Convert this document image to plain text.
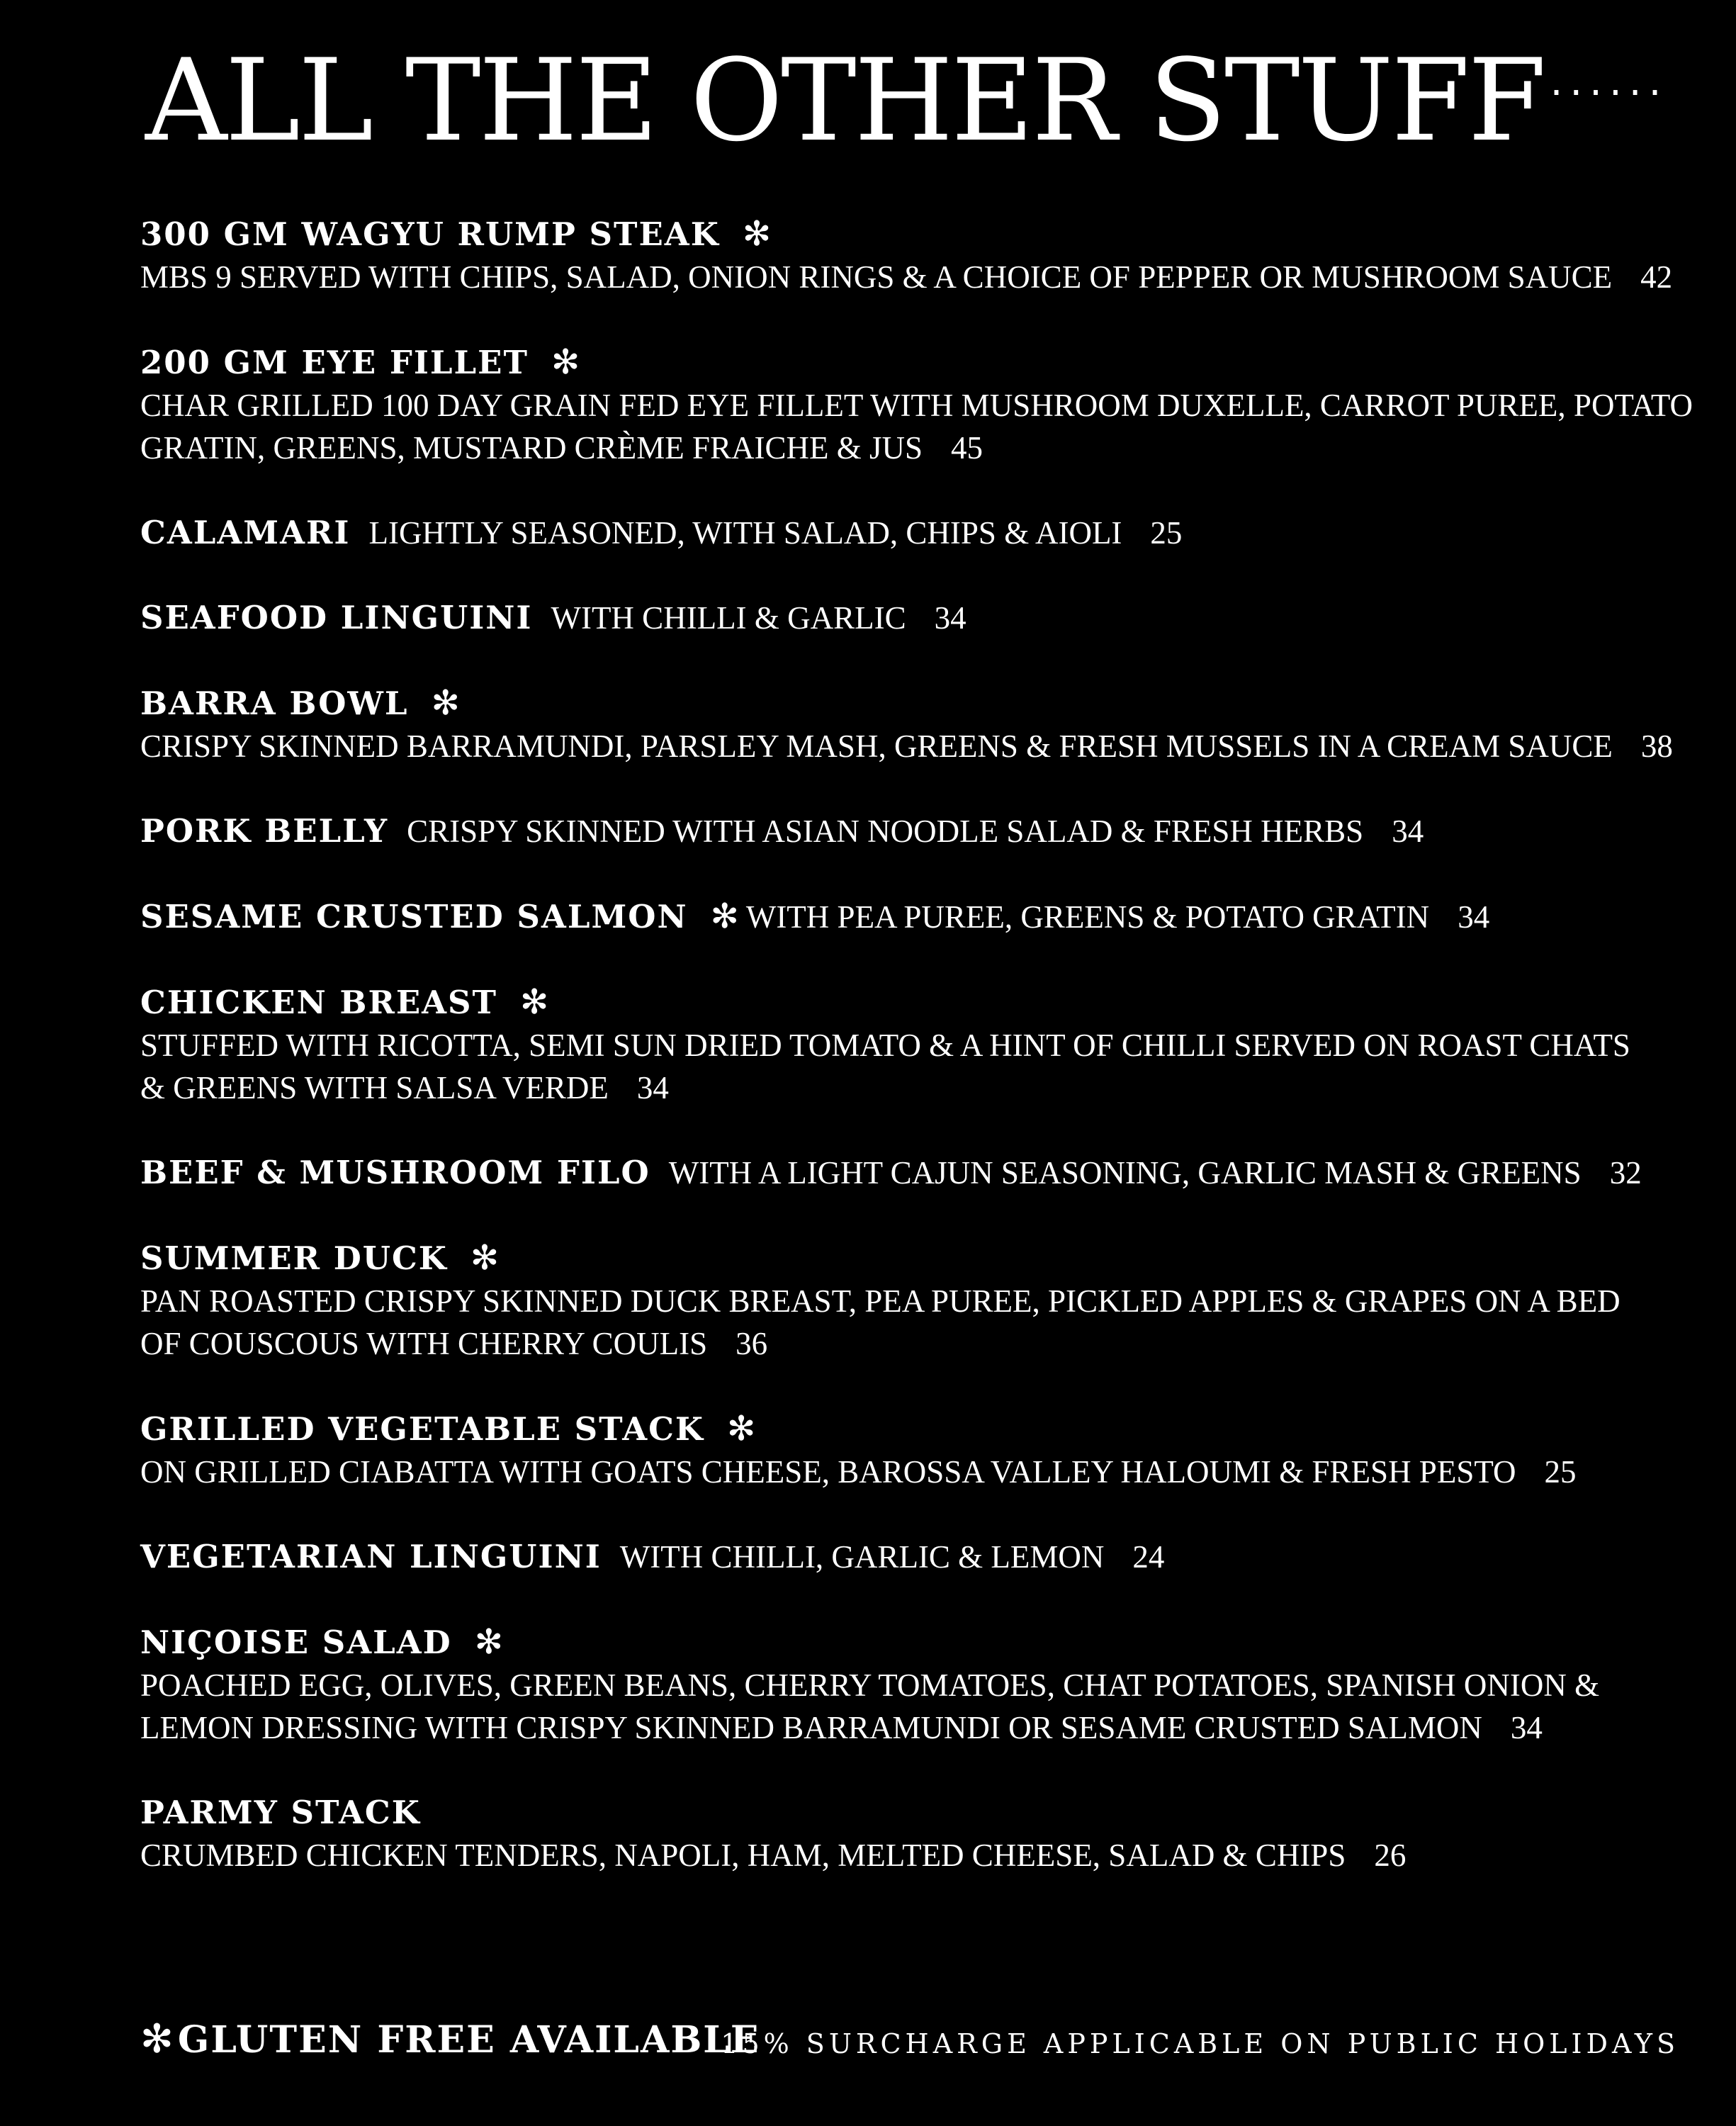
ALL THE OTHER STUFF ······
300 GM WAGYU RUMP STEAK ✻
MBS 9 SERVED WITH CHIPS, SALAD, ONION RINGS & A CHOICE OF PEPPER OR MUSHROOM SAUCE 42
200 GM EYE FILLET ✻
CHAR GRILLED 100 DAY GRAIN FED EYE FILLET WITH MUSHROOM DUXELLE, CARROT PUREE, POTATO
GRATIN, GREENS, MUSTARD CRÈME FRAICHE & JUS 45
CALAMARI LIGHTLY SEASONED, WITH SALAD, CHIPS & AIOLI 25
SEAFOOD LINGUINI WITH CHILLI & GARLIC 34
BARRA BOWL ✻
CRISPY SKINNED BARRAMUNDI, PARSLEY MASH, GREENS & FRESH MUSSELS IN A CREAM SAUCE 38
PORK BELLY CRISPY SKINNED WITH ASIAN NOODLE SALAD & FRESH HERBS 34
SESAME CRUSTED SALMON ✻ WITH PEA PUREE, GREENS & POTATO GRATIN 34
CHICKEN BREAST ✻
STUFFED WITH RICOTTA, SEMI SUN DRIED TOMATO & A HINT OF CHILLI SERVED ON ROAST CHATS
& GREENS WITH SALSA VERDE 34
BEEF & MUSHROOM FILO WITH A LIGHT CAJUN SEASONING, GARLIC MASH & GREENS 32
SUMMER DUCK ✻
PAN ROASTED CRISPY SKINNED DUCK BREAST, PEA PUREE, PICKLED APPLES & GRAPES ON A BED
OF COUSCOUS WITH CHERRY COULIS 36
GRILLED VEGETABLE STACK ✻
ON GRILLED CIABATTA WITH GOATS CHEESE, BAROSSA VALLEY HALOUMI & FRESH PESTO 25
VEGETARIAN LINGUINI WITH CHILLI, GARLIC & LEMON 24
NIÇOISE SALAD ✻
POACHED EGG, OLIVES, GREEN BEANS, CHERRY TOMATOES, CHAT POTATOES, SPANISH ONION &
LEMON DRESSING WITH CRISPY SKINNED BARRAMUNDI OR SESAME CRUSTED SALMON 34
PARMY STACK
CRUMBED CHICKEN TENDERS, NAPOLI, HAM, MELTED CHEESE, SALAD & CHIPS 26
✻GLUTEN FREE AVAILABLE
15% SURCHARGE APPLICABLE ON PUBLIC HOLIDAYS
